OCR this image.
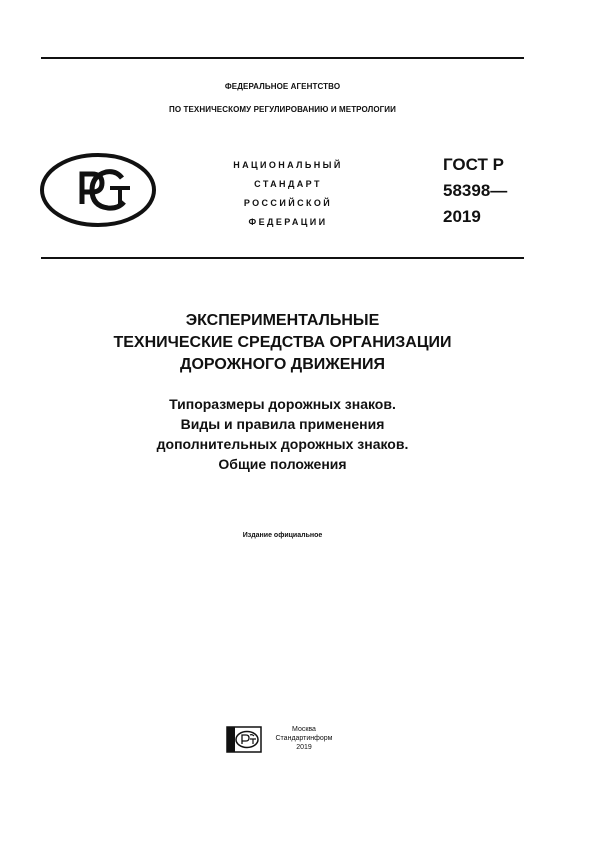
ФЕДЕРАЛЬНОЕ АГЕНТСТВО
ПО ТЕХНИЧЕСКОМУ РЕГУЛИРОВАНИЮ И МЕТРОЛОГИИ
НАЦИОНАЛЬНЫЙ
СТАНДАРТ
РОССИЙСКОЙ
ФЕДЕРАЦИИ
ГОСТ Р
58398—
2019
ЭКСПЕРИМЕНТАЛЬНЫЕ
ТЕХНИЧЕСКИЕ СРЕДСТВА ОРГАНИЗАЦИИ
ДОРОЖНОГО ДВИЖЕНИЯ
Типоразмеры дорожных знаков.
Виды и правила применения
дополнительных дорожных знаков.
Общие положения
Издание официальное
Москва
Стандартинформ
2019
